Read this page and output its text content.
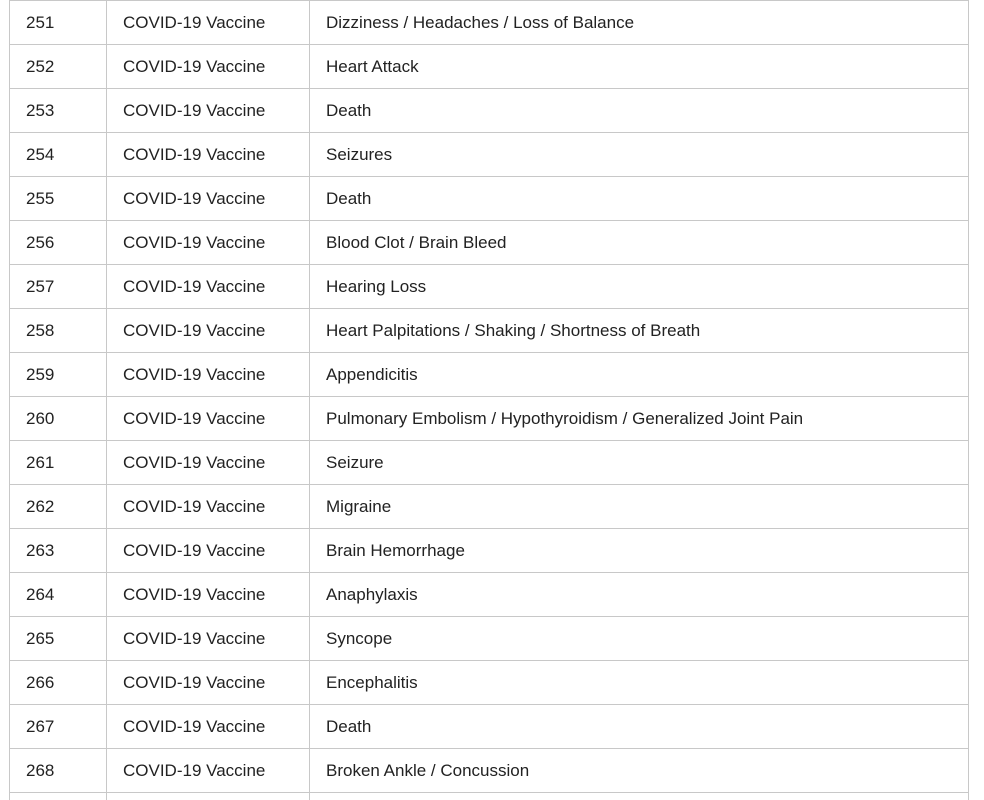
251	COVID-19 Vaccine	Dizziness / Headaches / Loss of Balance
252	COVID-19 Vaccine	Heart Attack
253	COVID-19 Vaccine	Death
254	COVID-19 Vaccine	Seizures
255	COVID-19 Vaccine	Death
256	COVID-19 Vaccine	Blood Clot / Brain Bleed
257	COVID-19 Vaccine	Hearing Loss
258	COVID-19 Vaccine	Heart Palpitations / Shaking / Shortness of Breath
259	COVID-19 Vaccine	Appendicitis
260	COVID-19 Vaccine	Pulmonary Embolism / Hypothyroidism / Generalized Joint Pain
261	COVID-19 Vaccine	Seizure
262	COVID-19 Vaccine	Migraine
263	COVID-19 Vaccine	Brain Hemorrhage
264	COVID-19 Vaccine	Anaphylaxis
265	COVID-19 Vaccine	Syncope
266	COVID-19 Vaccine	Encephalitis
267	COVID-19 Vaccine	Death
268	COVID-19 Vaccine	Broken Ankle / Concussion
